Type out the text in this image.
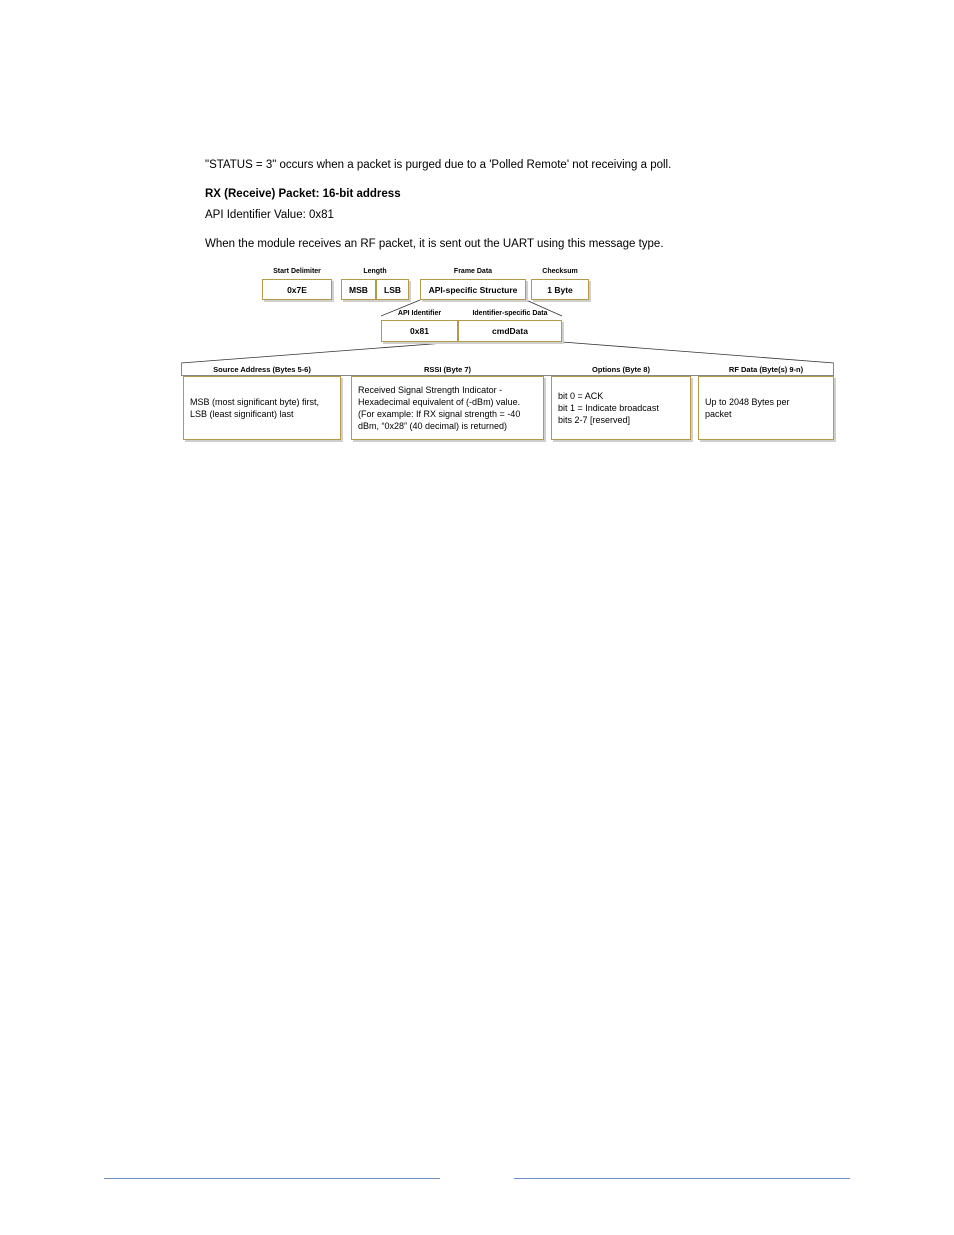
"STATUS = 3" occurs when a packet is purged due to a 'Polled Remote' not receiving a poll.

RX (Receive) Packet: 16-bit address

API Identifier Value: 0x81

When the module receives an RF packet, it is sent out the UART using this message type.

Start Delimiter	Length	Frame Data	Checksum
0x7E	MSB	LSB	API-specific Structure	1 Byte
API Identifier	Identifier-specific Data
0x81	cmdData
Source Address (Bytes 5-6)	RSSI (Byte 7)	Options (Byte 8)	RF Data (Byte(s) 9-n)
MSB (most significant byte) first,
LSB (least significant) last
Received Signal Strength Indicator -
Hexadecimal equivalent of (-dBm) value.
(For example: If RX signal strength = -40
dBm, “0x28” (40 decimal) is returned)
bit 0 = ACK
bit 1 = Indicate broadcast
bits 2-7 [reserved]
Up to 2048 Bytes per
packet
